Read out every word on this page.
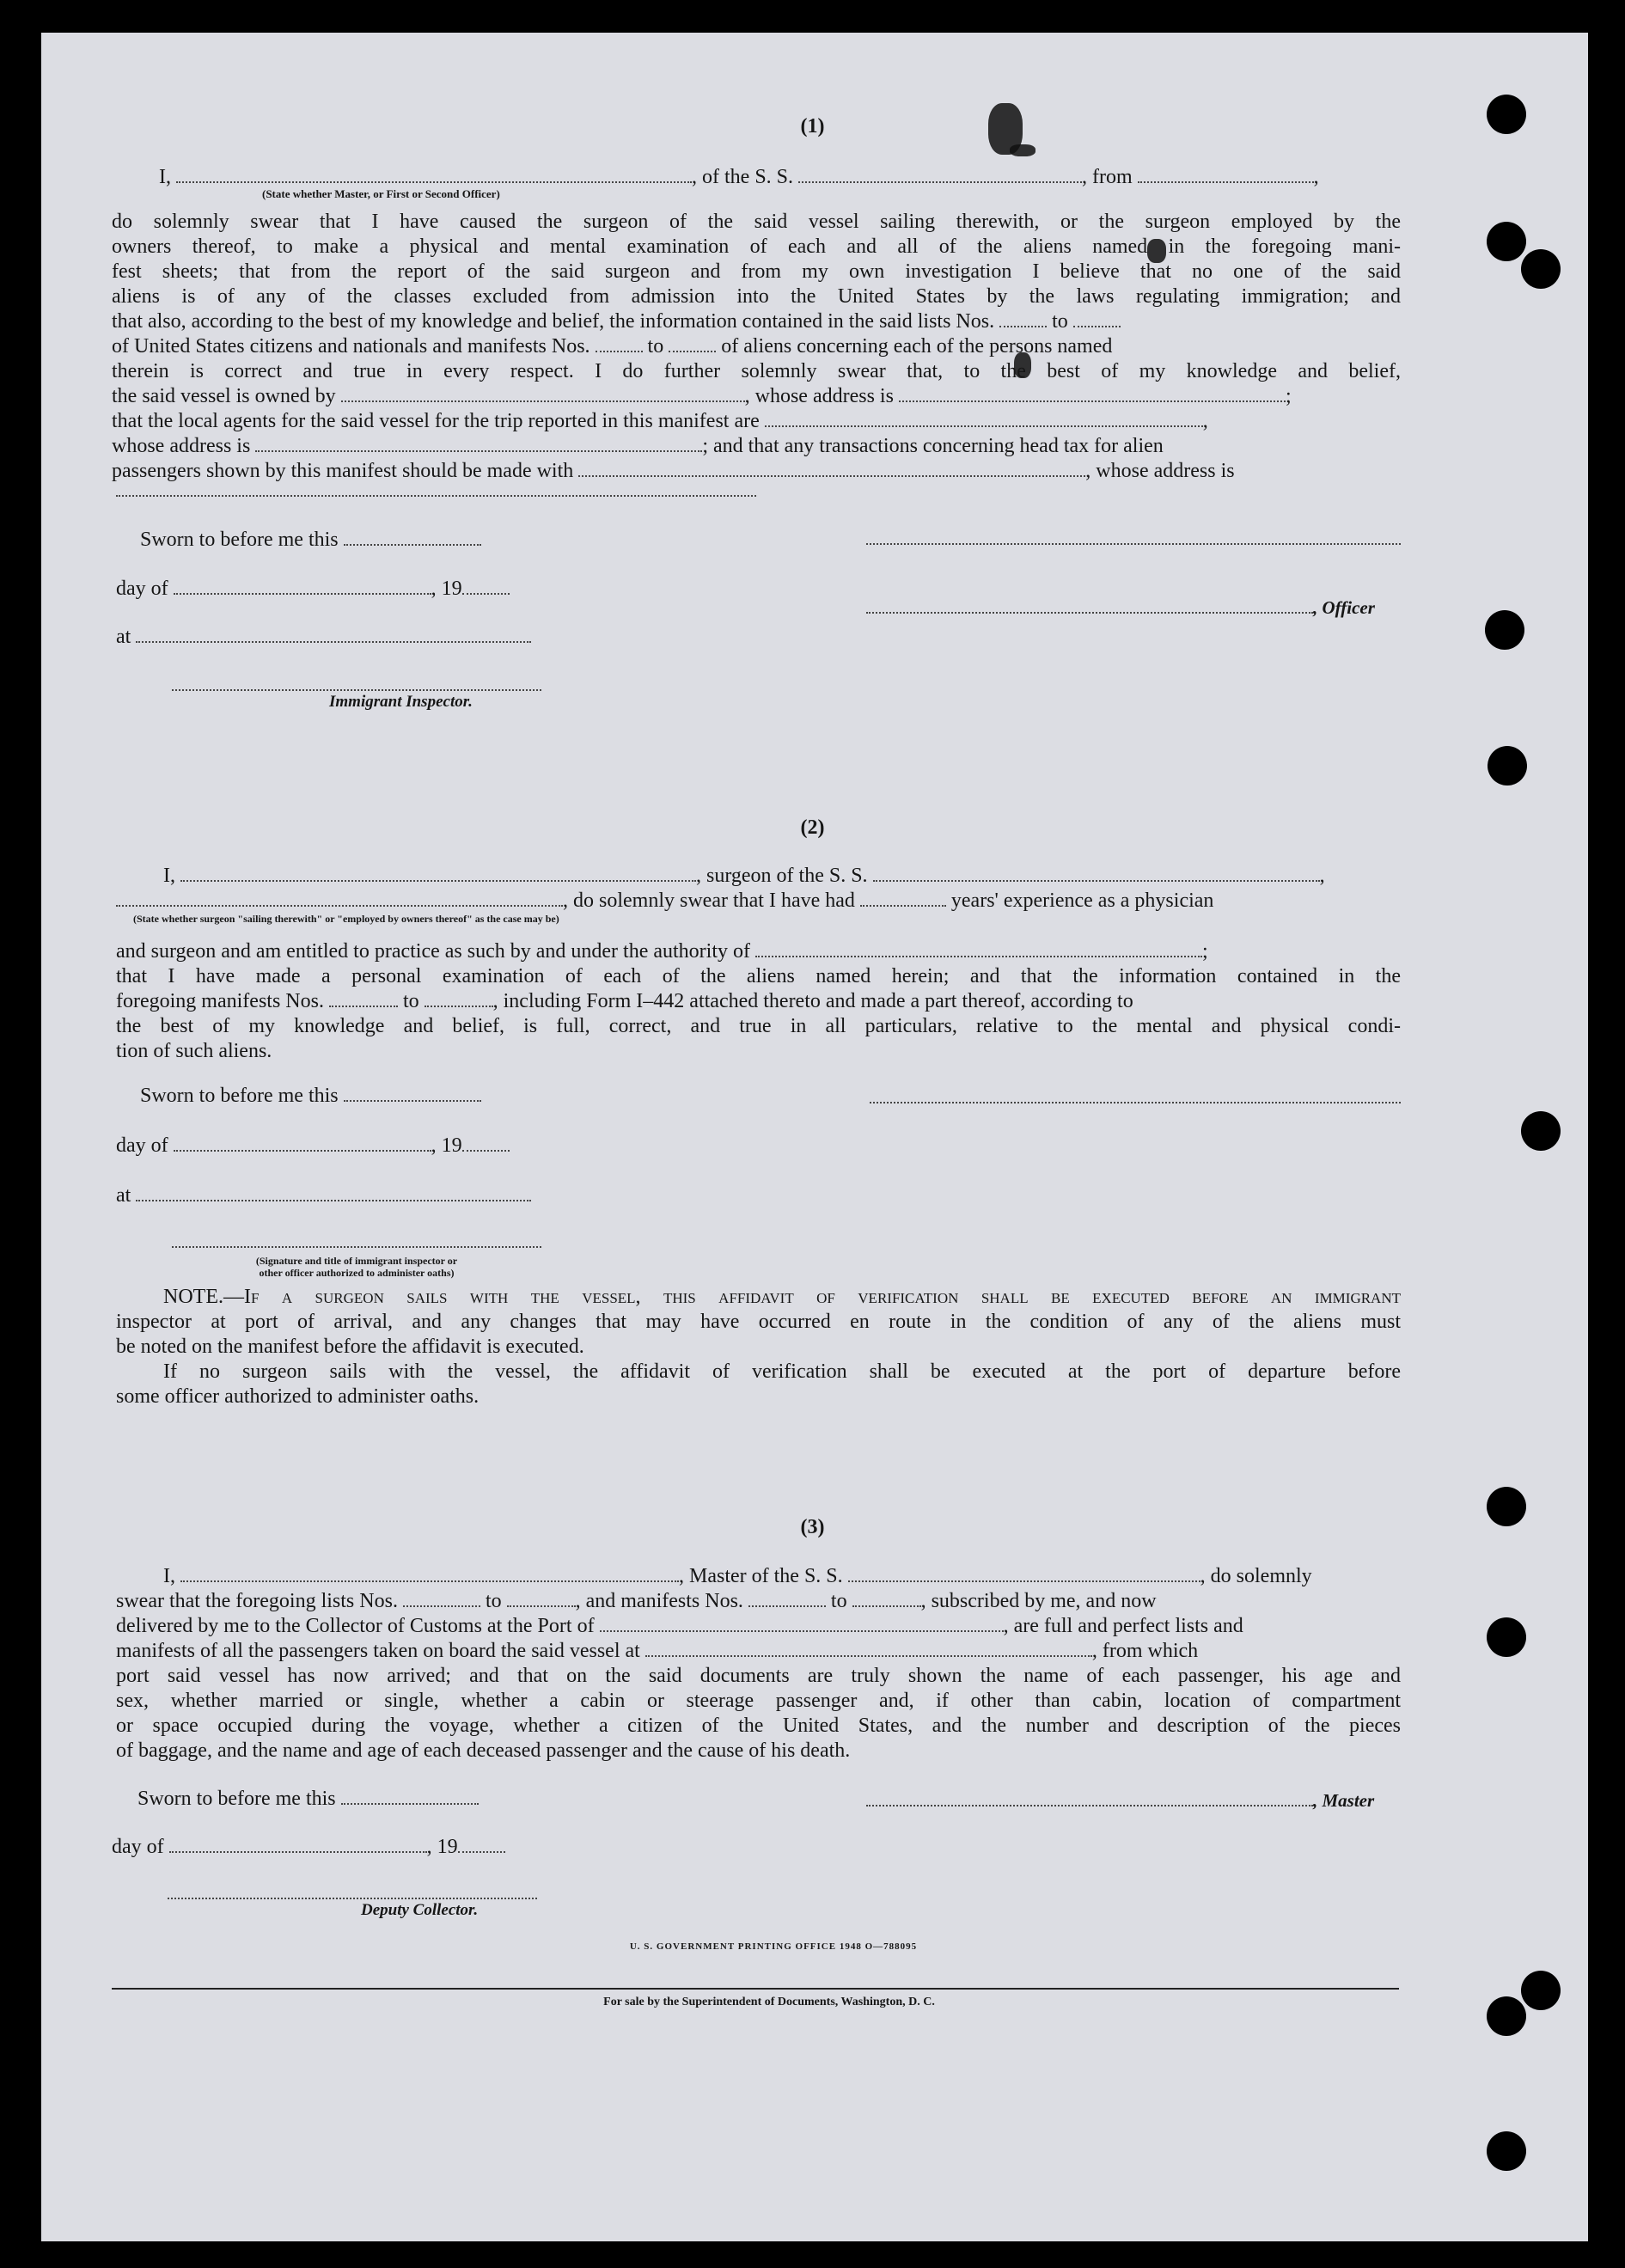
(1)
I,	, of the S. S.	, from	,
(State whether Master, or First or Second Officer)
do solemnly swear that I have caused the surgeon of the said vessel sailing therewith, or the surgeon employed by the
owners thereof, to make a physical and mental examination of each and all of the aliens named in the foregoing mani-
fest sheets; that from the report of the said surgeon and from my own investigation I believe that no one of the said
aliens is of any of the classes excluded from admission into the United States by the laws regulating immigration; and
that also, according to the best of my knowledge and belief, the information contained in the said lists Nos.	to
of United States citizens and nationals and manifests Nos.	to	of aliens concerning each of the persons named
therein is correct and true in every respect. I do further solemnly swear that, to the best of my knowledge and belief,
the said vessel is owned by	, whose address is	;
that the local agents for the said vessel for the trip reported in this manifest are	,
whose address is	; and that any transactions concerning head tax for alien
passengers shown by this manifest should be made with	, whose address is
Sworn to before me this
day of	, 19
, Officer
at
Immigrant Inspector.
(2)
I,	, surgeon of the S. S.	,
, do solemnly swear that I have had	years' experience as a physician
(State whether surgeon "sailing therewith" or "employed by owners thereof" as the case may be)
and surgeon and am entitled to practice as such by and under the authority of	;
that I have made a personal examination of each of the aliens named herein; and that the information contained in the
foregoing manifests Nos.	to	, including Form I–442 attached thereto and made a part thereof, according to
the best of my knowledge and belief, is full, correct, and true in all particulars, relative to the mental and physical condi-
tion of such aliens.
Sworn to before me this
day of	, 19
at
(Signature and title of immigrant inspector or
other officer authorized to administer oaths)
NOTE.—If a surgeon sails with the vessel, this affidavit of verification shall be executed before an immigrant
inspector at port of arrival, and any changes that may have occurred en route in the condition of any of the aliens must
be noted on the manifest before the affidavit is executed.
If no surgeon sails with the vessel, the affidavit of verification shall be executed at the port of departure before
some officer authorized to administer oaths.
(3)
I,	, Master of the S. S.	, do solemnly
swear that the foregoing lists Nos.	to	, and manifests Nos.	to	, subscribed by me, and now
delivered by me to the Collector of Customs at the Port of	, are full and perfect lists and
manifests of all the passengers taken on board the said vessel at	, from which
port said vessel has now arrived; and that on the said documents are truly shown the name of each passenger, his age and
sex, whether married or single, whether a cabin or steerage passenger and, if other than cabin, location of compartment
or space occupied during the voyage, whether a citizen of the United States, and the number and description of the pieces
of baggage, and the name and age of each deceased passenger and the cause of his death.
Sworn to before me this	, Master
day of	, 19
Deputy Collector.
U. S. GOVERNMENT PRINTING OFFICE 1948 O—788095
For sale by the Superintendent of Documents, Washington, D. C.
